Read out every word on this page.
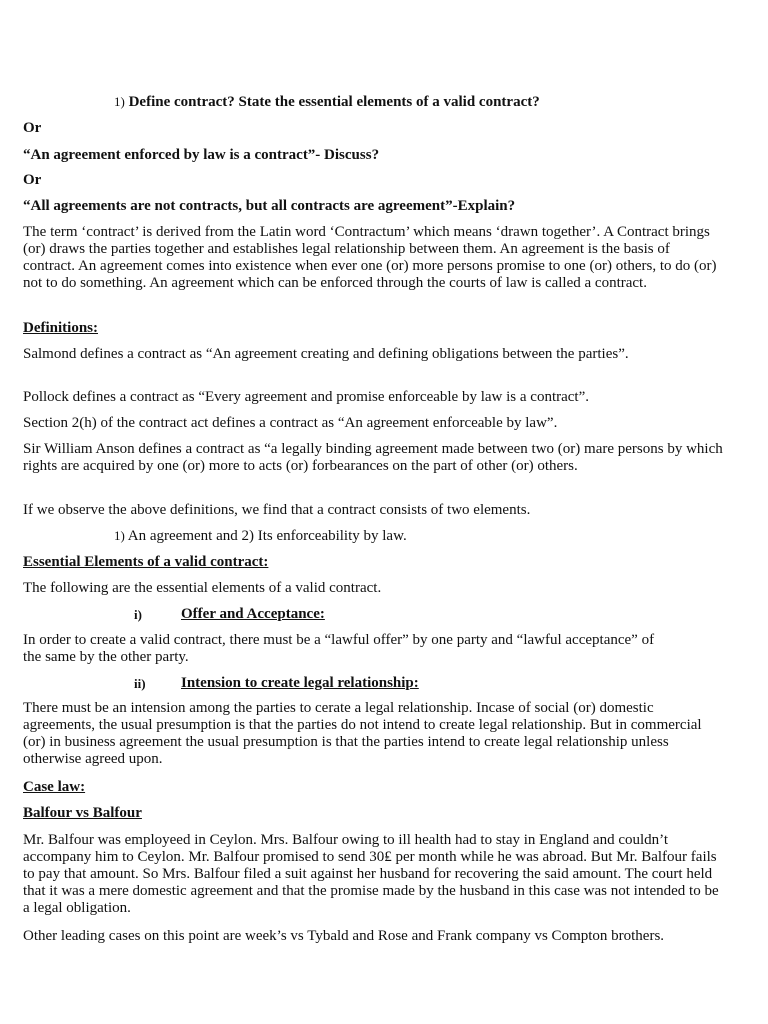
1) Define contract? State the essential elements of a valid contract?
Or
“An agreement enforced by law is a contract”- Discuss?
Or
“All agreements are not contracts, but all contracts are agreement”-Explain?
The term ‘contract’ is derived from the Latin word ‘Contractum’ which means ‘drawn together’. A Contract brings (or) draws the parties together and establishes legal relationship between them. An agreement is the basis of contract. An agreement comes into existence when ever one (or) more persons promise to one (or) others, to do (or) not to do something. An agreement which can be enforced through the courts of law is called a contract.
Definitions:
Salmond defines a contract as “An agreement creating and defining obligations between the parties”.
Pollock defines a contract as “Every agreement and promise enforceable by law is a contract”.
Section 2(h) of the contract act defines a contract as “An agreement enforceable by law”.
Sir William Anson defines a contract as “a legally binding agreement made between two (or) mare persons by which rights are acquired by one (or) more to acts (or) forbearances on the part of other (or) others.
If we observe the above definitions, we find that a contract consists of two elements.
1) An agreement and 2) Its enforceability by law.
Essential Elements of a valid contract:
The following are the essential elements of a valid contract.
i)	Offer and Acceptance:
In order to create a valid contract, there must be a “lawful offer” by one party and “lawful acceptance” of the same by the other party.
ii) Intension to create legal relationship:
There must be an intension among the parties to cerate a legal relationship. Incase of social (or) domestic agreements, the usual presumption is that the parties do not intend to create legal relationship. But in commercial (or) in business agreement the usual presumption is that the parties intend to create legal relationship unless otherwise agreed upon.
Case law:
Balfour vs Balfour
Mr. Balfour was employeed in Ceylon. Mrs. Balfour owing to ill health had to stay in England and couldn’t accompany him to Ceylon. Mr. Balfour promised to send 30₤ per month while he was abroad. But Mr. Balfour fails to pay that amount. So Mrs. Balfour filed a suit against her husband for recovering the said amount. The court held that it was a mere domestic agreement and that the promise made by the husband in this case was not intended to be a legal obligation.
Other leading cases on this point are week’s vs Tybald and Rose and Frank company vs Compton brothers.
